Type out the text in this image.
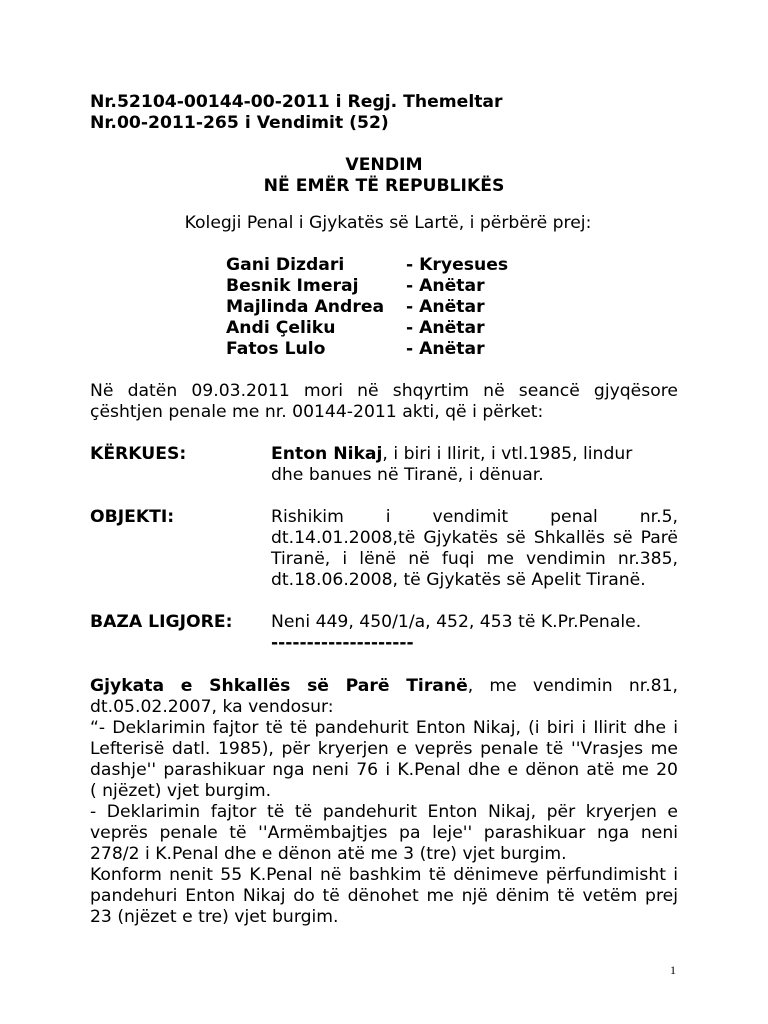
Nr.52104-00144-00-2011 i Regj. Themeltar
Nr.00-2011-265 i Vendimit (52)
VENDIM
NË EMËR TË REPUBLIKËS
Kolegji Penal i Gjykatës së Lartë, i përbërë prej:
Gani Dizdari	- Kryesues
Besnik Imeraj	- Anëtar
Majlinda Andrea - Anëtar
Andi Çeliku	- Anëtar
Fatos Lulo	- Anëtar
Në datën 09.03.2011 mori në shqyrtim në seancë gjyqësore
çështjen penale me nr. 00144-2011 akti, që i përket:
KËRKUES:	Enton Nikaj, i biri i Ilirit, i vtl.1985, lindur
dhe banues në Tiranë, i dënuar.
OBJEKTI:	Rishikim i vendimit penal nr.5,
dt.14.01.2008,të Gjykatës së Shkallës së Parë
Tiranë, i lënë në fuqi me vendimin nr.385,
dt.18.06.2008, të Gjykatës së Apelit Tiranë.
BAZA LIGJORE: Neni 449, 450/1/a, 452, 453 të K.Pr.Penale.
--------------------
Gjykata e Shkallës së Parë Tiranë, me vendimin nr.81,
dt.05.02.2007, ka vendosur:
“- Deklarimin fajtor të të pandehurit Enton Nikaj, (i biri i Ilirit dhe i
Lefterisë datl. 1985), për kryerjen e veprës penale të ''Vrasjes me
dashje'' parashikuar nga neni 76 i K.Penal dhe e dënon atë me 20
( njëzet) vjet burgim.
- Deklarimin fajtor të të pandehurit Enton Nikaj, për kryerjen e
veprës penale të ''Armëmbajtjes pa leje'' parashikuar nga neni
278/2 i K.Penal dhe e dënon atë me 3 (tre) vjet burgim.
Konform nenit 55 K.Penal në bashkim të dënimeve përfundimisht i
pandehuri Enton Nikaj do të dënohet me një dënim të vetëm prej
23 (njëzet e tre) vjet burgim.
1
